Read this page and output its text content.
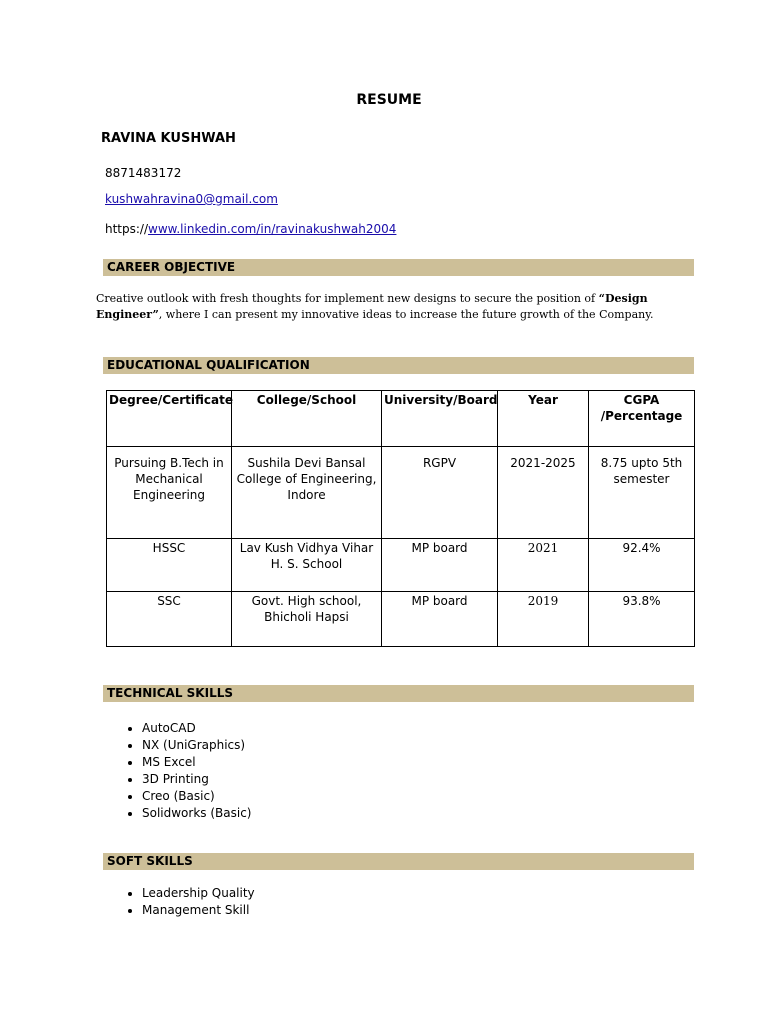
RESUME
RAVINA KUSHWAH
8871483172
kushwahravina0@gmail.com
https://www.linkedin.com/in/ravinakushwah2004
CAREER OBJECTIVE
Creative outlook with fresh thoughts for implement new designs to secure the position of “Design Engineer”, where I can present my innovative ideas to increase the future growth of the Company.
EDUCATIONAL QUALIFICATION
Degree/Certificate	College/School	University/Board	Year	CGPA /Percentage
Pursuing B.Tech in Mechanical Engineering	Sushila Devi Bansal College of Engineering, Indore	RGPV	2021-2025	8.75 upto 5th semester
HSSC	Lav Kush Vidhya Vihar H. S. School	MP board	2021	92.4%
SSC	Govt. High school, Bhicholi Hapsi	MP board	2019	93.8%
TECHNICAL SKILLS
• AutoCAD
• NX (UniGraphics)
• MS Excel
• 3D Printing
• Creo (Basic)
• Solidworks (Basic)
SOFT SKILLS
• Leadership Quality
• Management Skill
